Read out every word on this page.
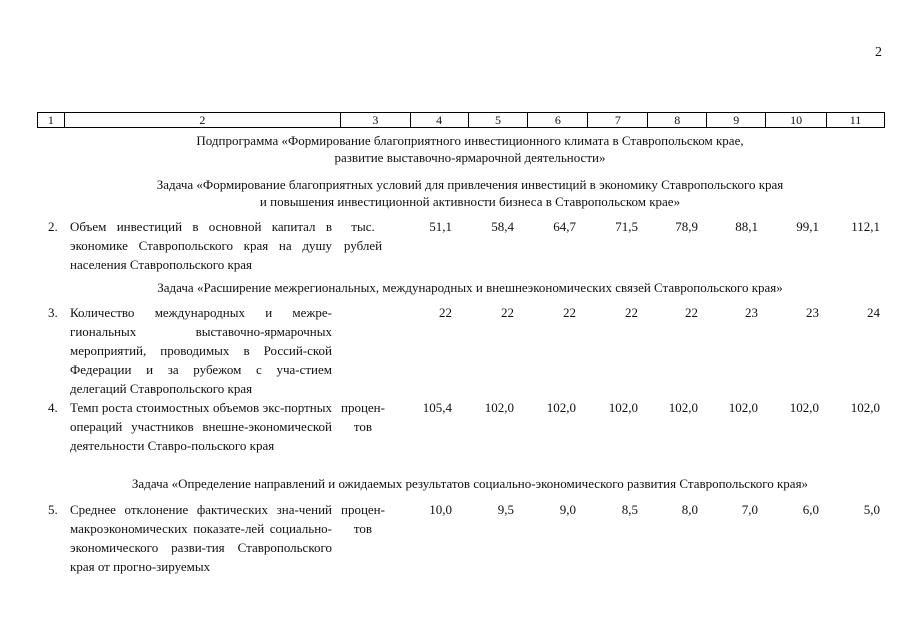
2
1	2	3	4	5	6	7	8	9	10	11
Подпрограмма «Формирование благоприятного инвестиционного климата в Ставропольском крае,
развитие выставочно-ярмарочной деятельности»
Задача «Формирование благоприятных условий для привлечения инвестиций в экономику Ставропольского края
и повышения инвестиционной активности бизнеса в Ставропольском крае»
2. Объем инвестиций в основной капитал в экономике Ставропольского края на душу населения Ставропольского края
тыс. рублей
51,1	58,4	64,7	71,5	78,9	88,1	99,1	112,1
Задача «Расширение межрегиональных, международных и внешнеэкономических связей Ставропольского края»
3. Количество международных и межре-гиональных выставочно-ярмарочных мероприятий, проводимых в Россий-ской Федерации и за рубежом с уча-стием делегаций Ставропольского края
22	22	22	22	22	23	23	24
4. Темп роста стоимостных объемов экс-портных операций участников внешне-экономической деятельности Ставро-польского края
процен-тов
105,4	102,0	102,0	102,0	102,0	102,0	102,0	102,0
Задача «Определение направлений и ожидаемых результатов социально-экономического развития Ставропольского края»
5. Среднее отклонение фактических зна-чений макроэкономических показате-лей социально-экономического разви-тия Ставропольского края от прогно-зируемых
процен-тов
10,0	9,5	9,0	8,5	8,0	7,0	6,0	5,0
